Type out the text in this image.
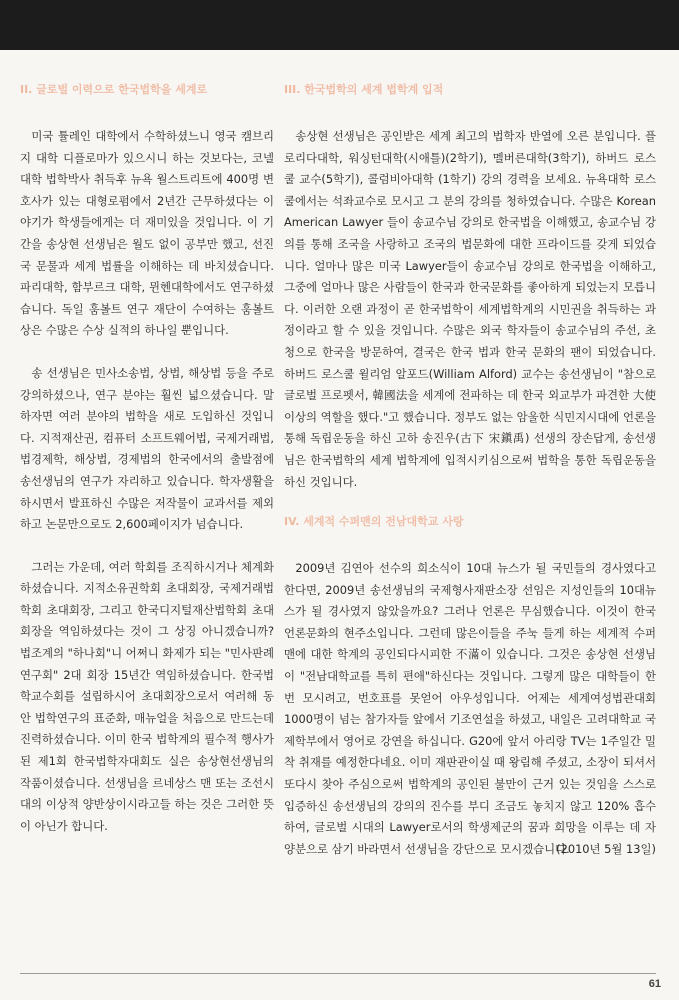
II. 글로벌 이력으로 한국법학을 세계로

미국 튤레인 대학에서 수학하셨느니 영국 캠브리지 대학 디플로마가 있으시니 하는 것보다는, 코넬 대학 법학박사 취득후 뉴욕 월스트리트에 400명 변호사가 있는 대형로펌에서 2년간 근무하셨다는 이야기가 학생들에게는 더 재미있을 것입니다. 이 기간을 송상현 선생님은 월도 없이 공부만 했고, 선진국 문물과 세계 법률을 이해하는 데 바치셨습니다. 파리대학, 함부르크 대학, 뮌헨대학에서도 연구하셨습니다. 독일 훔볼트 연구 재단이 수여하는 훔볼트 상은 수많은 수상 실적의 하나일 뿐입니다.

송 선생님은 민사소송법, 상법, 해상법 등을 주로 강의하셨으나, 연구 분야는 훨씬 넓으셨습니다. 말하자면 여러 분야의 법학을 새로 도입하신 것입니다. 지적재산권, 컴퓨터 소프트웨어법, 국제거래법, 법경제학, 해상법, 경제법의 한국에서의 출발점에 송선생님의 연구가 자리하고 있습니다. 학자생활을 하시면서 발표하신 수많은 저작물이 교과서를 제외하고 논문만으로도 2,600페이지가 넘습니다.

그러는 가운데, 여러 학회를 조직하시거나 체계화하셨습니다. 지적소유권학회 초대회장, 국제거래법학회 초대회장, 그리고 한국디지털재산법학회 초대회장을 역임하셨다는 것이 그 상징 아니겠습니까? 법조계의 "하나회"니 어쩌니 화제가 되는 "민사판례연구회" 2대 회장 15년간 역임하셨습니다. 한국법학교수회를 설립하시어 초대회장으로서 여러해 동안 법학연구의 표준화, 매뉴얼을 처음으로 만드는데 진력하셨습니다. 이미 한국 법학계의 필수적 행사가 된 제1회 한국법학자대회도 실은 송상현선생님의 작품이셨습니다. 선생님을 르네상스 맨 또는 조선시대의 이상적 양반상이시라고들 하는 것은 그러한 뜻이 아닌가 합니다.

III. 한국법학의 세계 법학계 입적

송상현 선생님은 공인받은 세계 최고의 법학자 반열에 오른 분입니다. 플로리다대학, 워싱턴대학(시애틀)(2학기), 멜버른대학(3학기), 하버드 로스쿨 교수(5학기), 콜럼비아대학 (1학기) 강의 경력을 보세요. 뉴욕대학 로스쿨에서는 석좌교수로 모시고 그 분의 강의를 청하였습니다. 수많은 Korean American Lawyer 들이 송교수님 강의로 한국법을 이해했고, 송교수님 강의를 통해 조국을 사랑하고 조국의 법문화에 대한 프라이드를 갖게 되었습니다. 얼마나 많은 미국 Lawyer들이 송교수님 강의로 한국법을 이해하고, 그중에 얼마나 많은 사람들이 한국과 한국문화를 좋아하게 되었는지 모릅니다. 이러한 오랜 과정이 곧 한국법학이 세계법학계의 시민권을 취득하는 과정이라고 할 수 있을 것입니다. 수많은 외국 학자들이 송교수님의 주선, 초청으로 한국을 방문하여, 결국은 한국 법과 한국 문화의 팬이 되었습니다. 하버드 로스쿨 윌리엄 알포드(William Alford) 교수는 송선생님이 "참으로 글로벌 프로펫서, 韓國法을 세계에 전파하는 데 한국 외교부가 파견한 大使이상의 역할을 했다."고 했습니다. 정부도 없는 암울한 식민지시대에 언론을 통해 독립운동을 하신 고하 송진우(古下 宋鎭禹) 선생의 장손답게, 송선생님은 한국법학의 세계 법학계에 입적시키심으로써 법학을 통한 독립운동을 하신 것입니다.

IV. 세계적 수퍼맨의 전남대학교 사랑

2009년 김연아 선수의 희소식이 10대 뉴스가 될 국민들의 경사였다고 한다면, 2009년 송선생님의 국제형사재판소장 선임은 지성인들의 10대뉴스가 될 경사였지 않았을까요? 그러나 언론은 무심했습니다. 이것이 한국 언론문화의 현주소입니다. 그런데 많은이들을 주눅 들게 하는 세계적 수퍼맨에 대한 학계의 공인되다시피한 不滿이 있습니다. 그것은 송상현 선생님이 "전남대학교를 특히 편애"하신다는 것입니다. 그렇게 많은 대학들이 한 번 모시려고, 번호표를 못얻어 아우성입니다. 어제는 세계여성법관대회 1000명이 넘는 참가자들 앞에서 기조연설을 하셨고, 내일은 고려대학교 국제학부에서 영어로 강연을 하십니다. G20에 앞서 아리랑 TV는 1주일간 밀착 취재를 예정한다네요. 이미 재판관이실 때 왕림해 주셨고, 소장이 되셔서 또다시 찾아 주심으로써 법학계의 공인된 불만이 근거 있는 것임을 스스로 입증하신 송선생님의 강의의 진수를 부디 조금도 놓치지 않고 120% 흡수하여, 글로벌 시대의 Lawyer로서의 학생제군의 꿈과 희망을 이루는 데 자양분으로 삼기 바라면서 선생님을 강단으로 모시겠습니다.

(2010년 5월 13일)
61
